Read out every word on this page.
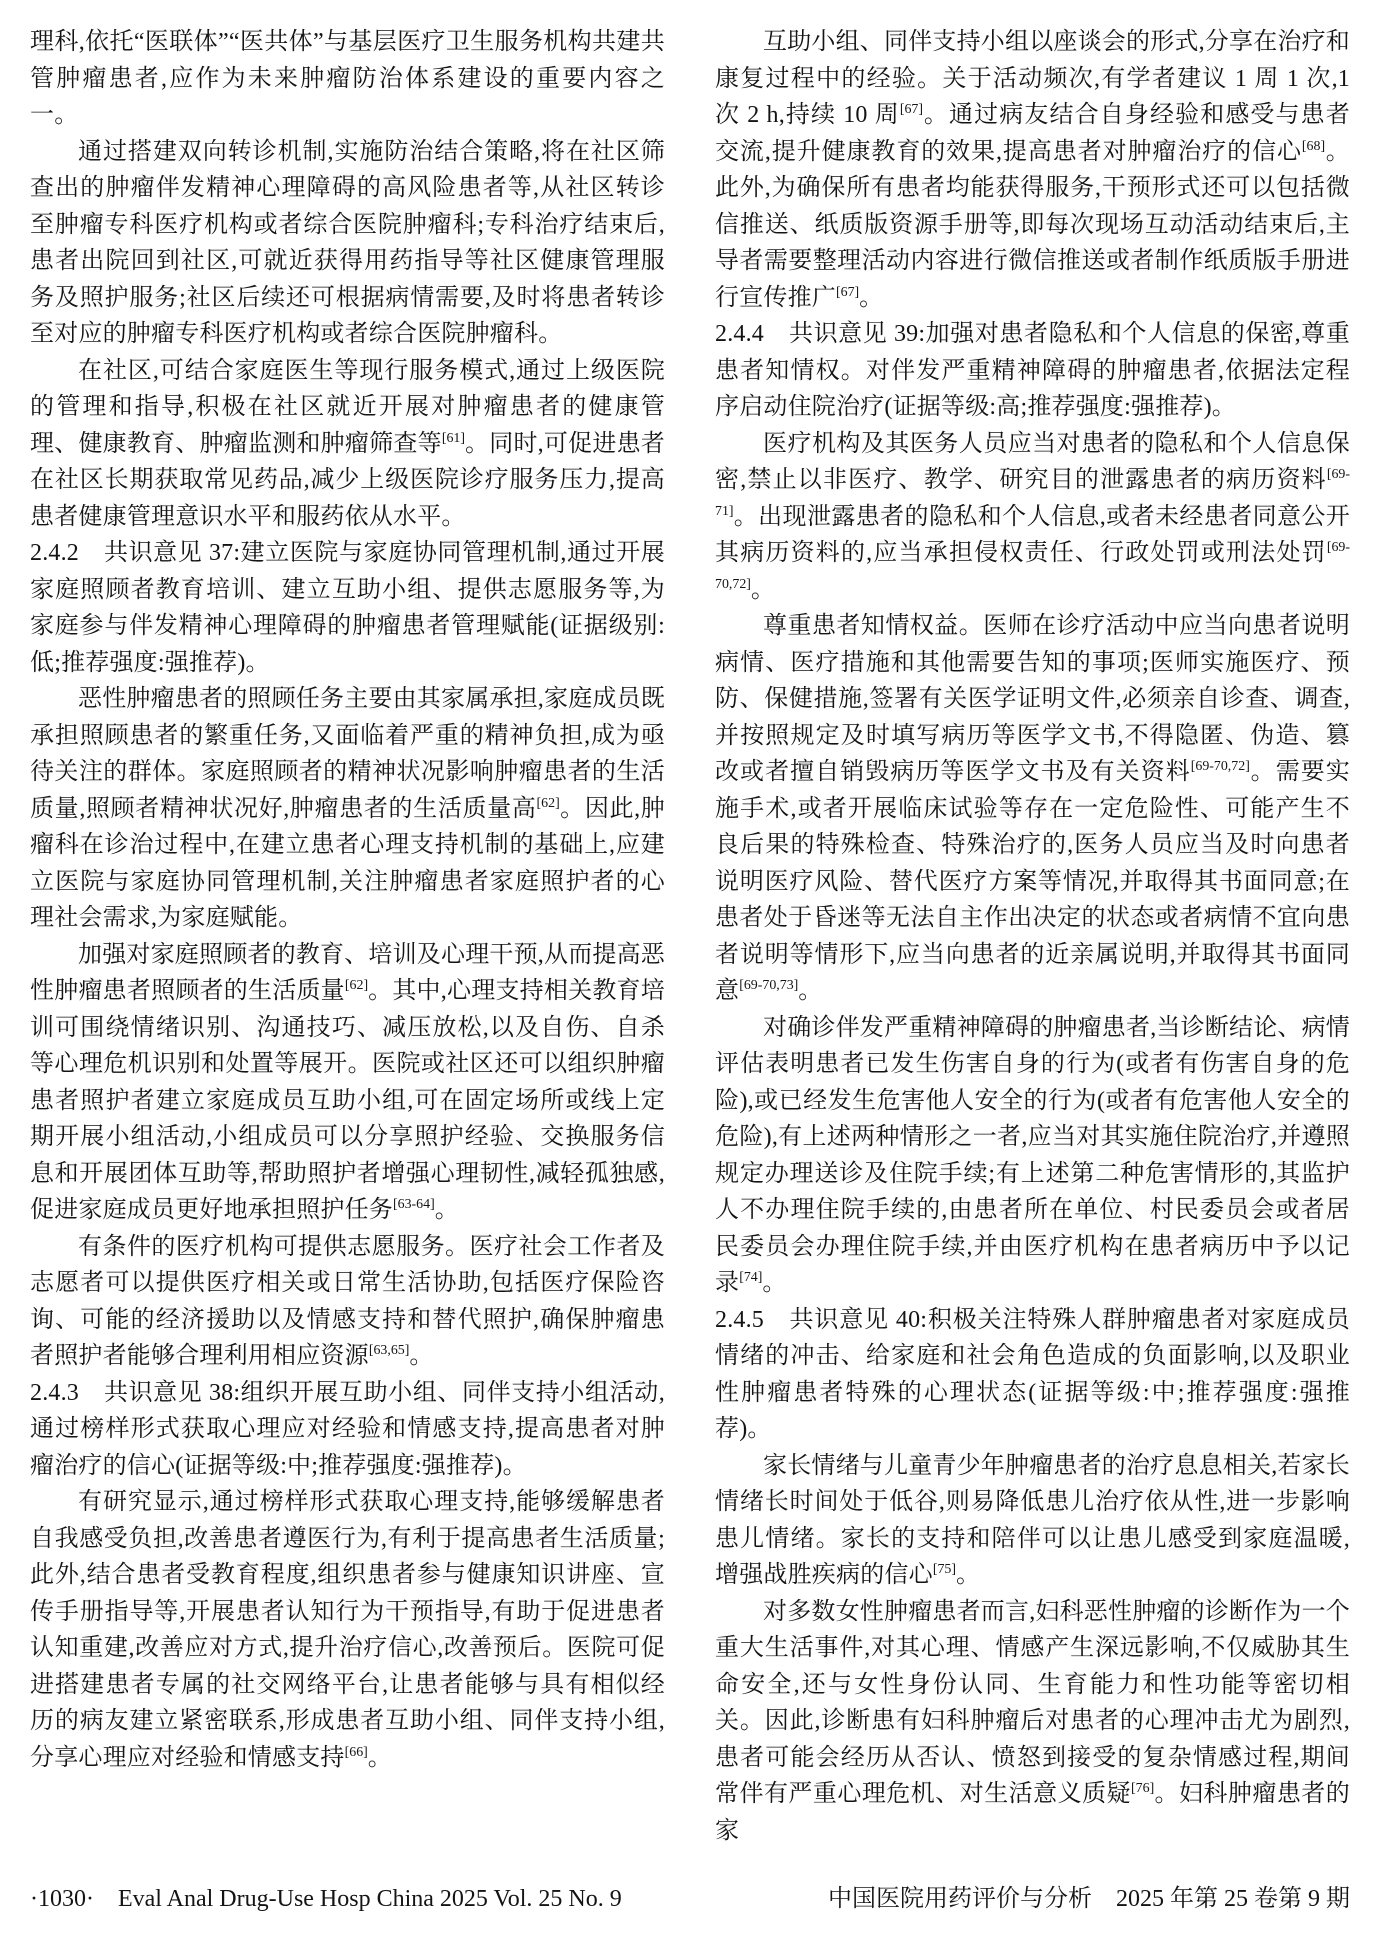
理科,依托“医联体”“医共体”与基层医疗卫生服务机构共建共管肿瘤患者,应作为未来肿瘤防治体系建设的重要内容之一。

通过搭建双向转诊机制,实施防治结合策略,将在社区筛查出的肿瘤伴发精神心理障碍的高风险患者等,从社区转诊至肿瘤专科医疗机构或者综合医院肿瘤科;专科治疗结束后,患者出院回到社区,可就近获得用药指导等社区健康管理服务及照护服务;社区后续还可根据病情需要,及时将患者转诊至对应的肿瘤专科医疗机构或者综合医院肿瘤科。

在社区,可结合家庭医生等现行服务模式,通过上级医院的管理和指导,积极在社区就近开展对肿瘤患者的健康管理、健康教育、肿瘤监测和肿瘤筛查等[61]。同时,可促进患者在社区长期获取常见药品,减少上级医院诊疗服务压力,提高患者健康管理意识水平和服药依从水平。

2.4.2　共识意见 37:建立医院与家庭协同管理机制,通过开展家庭照顾者教育培训、建立互助小组、提供志愿服务等,为家庭参与伴发精神心理障碍的肿瘤患者管理赋能(证据级别:低;推荐强度:强推荐)。

恶性肿瘤患者的照顾任务主要由其家属承担,家庭成员既承担照顾患者的繁重任务,又面临着严重的精神负担,成为亟待关注的群体。家庭照顾者的精神状况影响肿瘤患者的生活质量,照顾者精神状况好,肿瘤患者的生活质量高[62]。因此,肿瘤科在诊治过程中,在建立患者心理支持机制的基础上,应建立医院与家庭协同管理机制,关注肿瘤患者家庭照护者的心理社会需求,为家庭赋能。

加强对家庭照顾者的教育、培训及心理干预,从而提高恶性肿瘤患者照顾者的生活质量[62]。其中,心理支持相关教育培训可围绕情绪识别、沟通技巧、减压放松,以及自伤、自杀等心理危机识别和处置等展开。医院或社区还可以组织肿瘤患者照护者建立家庭成员互助小组,可在固定场所或线上定期开展小组活动,小组成员可以分享照护经验、交换服务信息和开展团体互助等,帮助照护者增强心理韧性,减轻孤独感,促进家庭成员更好地承担照护任务[63-64]。

有条件的医疗机构可提供志愿服务。医疗社会工作者及志愿者可以提供医疗相关或日常生活协助,包括医疗保险咨询、可能的经济援助以及情感支持和替代照护,确保肿瘤患者照护者能够合理利用相应资源[63,65]。

2.4.3　共识意见 38:组织开展互助小组、同伴支持小组活动,通过榜样形式获取心理应对经验和情感支持,提高患者对肿瘤治疗的信心(证据等级:中;推荐强度:强推荐)。

有研究显示,通过榜样形式获取心理支持,能够缓解患者自我感受负担,改善患者遵医行为,有利于提高患者生活质量;此外,结合患者受教育程度,组织患者参与健康知识讲座、宣传手册指导等,开展患者认知行为干预指导,有助于促进患者认知重建,改善应对方式,提升治疗信心,改善预后。医院可促进搭建患者专属的社交网络平台,让患者能够与具有相似经历的病友建立紧密联系,形成患者互助小组、同伴支持小组,分享心理应对经验和情感支持[66]。

互助小组、同伴支持小组以座谈会的形式,分享在治疗和康复过程中的经验。关于活动频次,有学者建议 1 周 1 次,1 次 2 h,持续 10 周[67]。通过病友结合自身经验和感受与患者交流,提升健康教育的效果,提高患者对肿瘤治疗的信心[68]。此外,为确保所有患者均能获得服务,干预形式还可以包括微信推送、纸质版资源手册等,即每次现场互动活动结束后,主导者需要整理活动内容进行微信推送或者制作纸质版手册进行宣传推广[67]。

2.4.4　共识意见 39:加强对患者隐私和个人信息的保密,尊重患者知情权。对伴发严重精神障碍的肿瘤患者,依据法定程序启动住院治疗(证据等级:高;推荐强度:强推荐)。

医疗机构及其医务人员应当对患者的隐私和个人信息保密,禁止以非医疗、教学、研究目的泄露患者的病历资料[69-71]。出现泄露患者的隐私和个人信息,或者未经患者同意公开其病历资料的,应当承担侵权责任、行政处罚或刑法处罚[69-70,72]。

尊重患者知情权益。医师在诊疗活动中应当向患者说明病情、医疗措施和其他需要告知的事项;医师实施医疗、预防、保健措施,签署有关医学证明文件,必须亲自诊查、调查,并按照规定及时填写病历等医学文书,不得隐匿、伪造、篡改或者擅自销毁病历等医学文书及有关资料[69-70,72]。需要实施手术,或者开展临床试验等存在一定危险性、可能产生不良后果的特殊检查、特殊治疗的,医务人员应当及时向患者说明医疗风险、替代医疗方案等情况,并取得其书面同意;在患者处于昏迷等无法自主作出决定的状态或者病情不宜向患者说明等情形下,应当向患者的近亲属说明,并取得其书面同意[69-70,73]。

对确诊伴发严重精神障碍的肿瘤患者,当诊断结论、病情评估表明患者已发生伤害自身的行为(或者有伤害自身的危险),或已经发生危害他人安全的行为(或者有危害他人安全的危险),有上述两种情形之一者,应当对其实施住院治疗,并遵照规定办理送诊及住院手续;有上述第二种危害情形的,其监护人不办理住院手续的,由患者所在单位、村民委员会或者居民委员会办理住院手续,并由医疗机构在患者病历中予以记录[74]。

2.4.5　共识意见 40:积极关注特殊人群肿瘤患者对家庭成员情绪的冲击、给家庭和社会角色造成的负面影响,以及职业性肿瘤患者特殊的心理状态(证据等级:中;推荐强度:强推荐)。

家长情绪与儿童青少年肿瘤患者的治疗息息相关,若家长情绪长时间处于低谷,则易降低患儿治疗依从性,进一步影响患儿情绪。家长的支持和陪伴可以让患儿感受到家庭温暖,增强战胜疾病的信心[75]。

对多数女性肿瘤患者而言,妇科恶性肿瘤的诊断作为一个重大生活事件,对其心理、情感产生深远影响,不仅威胁其生命安全,还与女性身份认同、生育能力和性功能等密切相关。因此,诊断患有妇科肿瘤后对患者的心理冲击尤为剧烈,患者可能会经历从否认、愤怒到接受的复杂情感过程,期间常伴有严重心理危机、对生活意义质疑[76]。妇科肿瘤患者的家

·1030·　Eval Anal Drug-Use Hosp China 2025 Vol. 25 No. 9	中国医院用药评价与分析　2025 年第 25 卷第 9 期
